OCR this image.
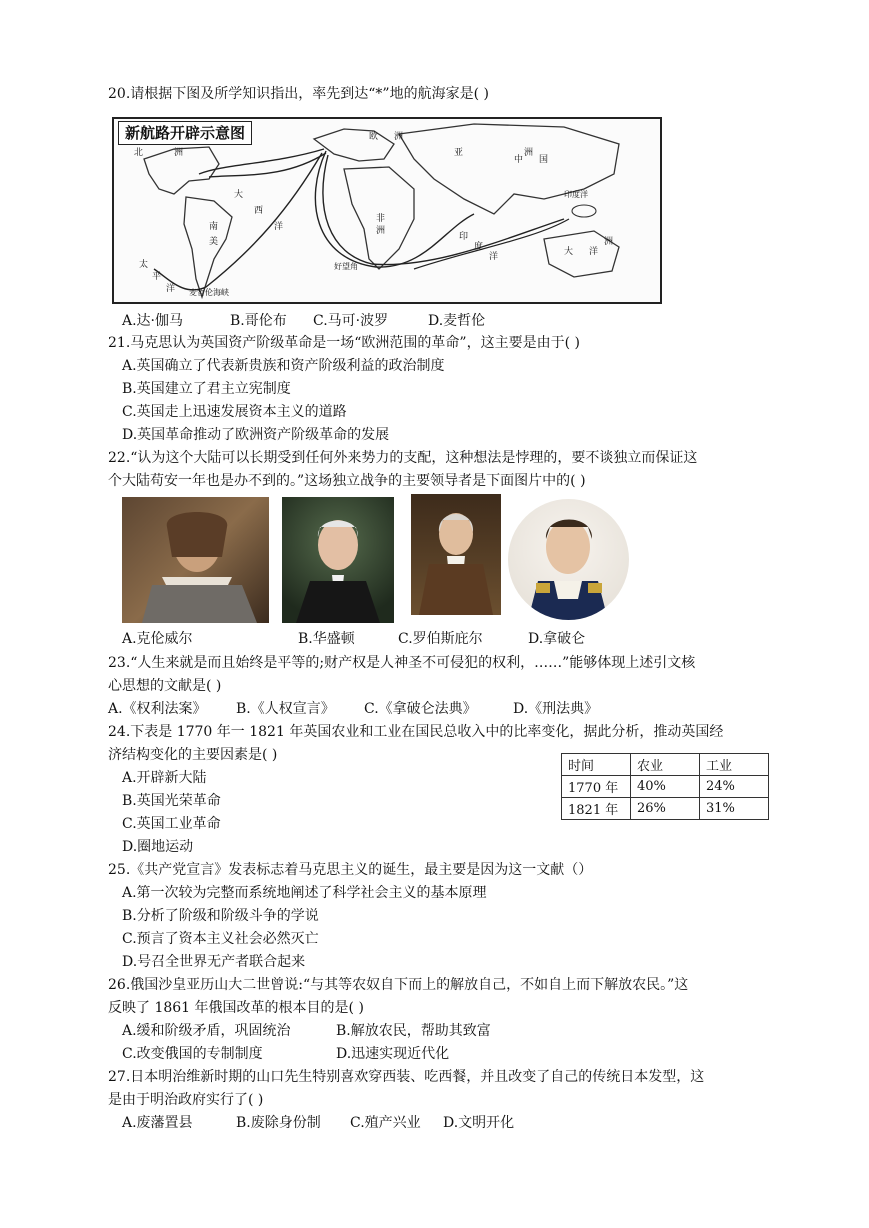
20.请根据下图及所学知识指出，率先到达“*”地的航海家是( )
新航路开辟示意图
北	洲
欧 洲
亚	洲
中 国
大
西
洋
印
度
洋
太
平
洋
南
美
非
洲
大 洋
洲
印度洋
好望角
麦哲伦海峡
A.达·伽马	B.哥伦布 C.马可·波罗	D.麦哲伦
21.马克思认为英国资产阶级革命是一场“欧洲范围的革命”，这主要是由于( )
A.英国确立了代表新贵族和资产阶级利益的政治制度
B.英国建立了君主立宪制度
C.英国走上迅速发展资本主义的道路
D.英国革命推动了欧洲资产阶级革命的发展
22.“认为这个大陆可以长期受到任何外来势力的支配，这种想法是悖理的，要不谈独立而保证这
个大陆苟安一年也是办不到的。”这场独立战争的主要领导者是下面图片中的( )
A.克伦威尔	B.华盛顿	C.罗伯斯庇尔	D.拿破仑
23.“人生来就是而且始终是平等的;财产权是人神圣不可侵犯的权利，……”能够体现上述引文核
心思想的文献是( )
A.《权利法案》 B.《人权宣言》 C.《拿破仑法典》	D.《刑法典》
24.下表是 1770 年一 1821 年英国农业和工业在国民总收入中的比率变化，据此分析，推动英国经
济结构变化的主要因素是( )
A.开辟新大陆
B.英国光荣革命
C.英国工业革命
D.圈地运动
时间	农业	工业
1770 年	40%	24%
1821 年	26%	31%
25.《共产党宣言》发表标志着马克思主义的诞生，最主要是因为这一文献（）
A.第一次较为完整而系统地阐述了科学社会主义的基本原理
B.分析了阶级和阶级斗争的学说
C.预言了资本主义社会必然灭亡
D.号召全世界无产者联合起来
26.俄国沙皇亚历山大二世曾说:“与其等农奴自下而上的解放自己，不如自上而下解放农民。”这
反映了 1861 年俄国改革的根本目的是( )
A.缓和阶级矛盾，巩固统治	B.解放农民，帮助其致富
C.改变俄国的专制制度	D.迅速实现近代化
27.日本明治维新时期的山口先生特别喜欢穿西装、吃西餐，并且改变了自己的传统日本发型，这
是由于明治政府实行了( )
A.废藩置县	B.废除身份制 C.殖产兴业 D.文明开化
